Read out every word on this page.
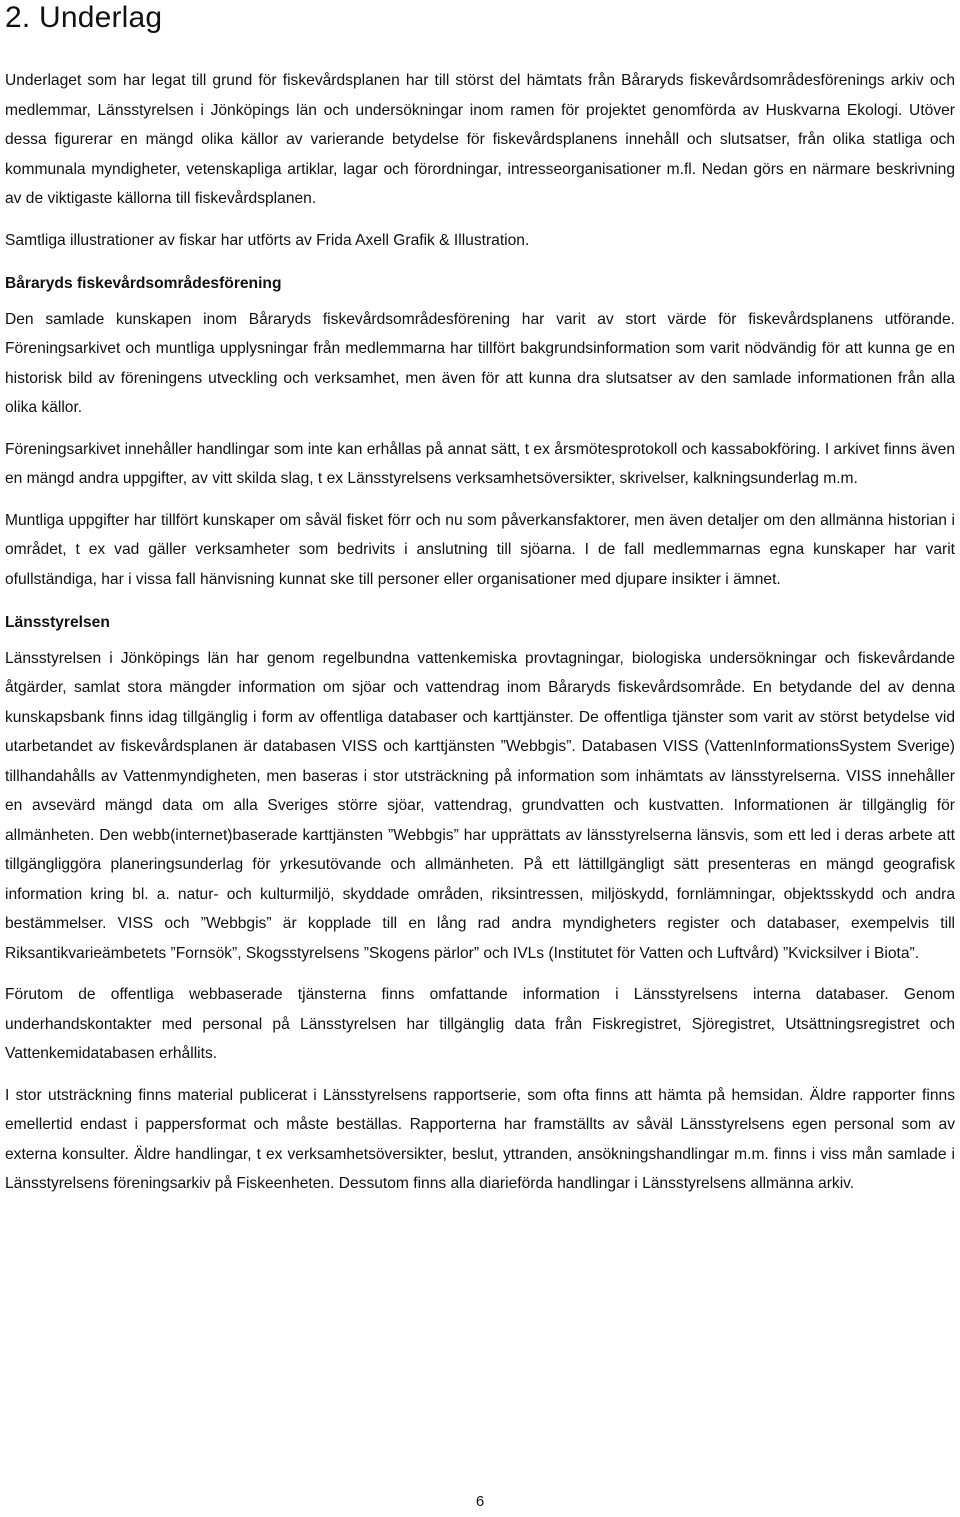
2. Underlag

Underlaget som har legat till grund för fiskevårdsplanen har till störst del hämtats från Båraryds fiskevårdsområdesförenings arkiv och medlemmar, Länsstyrelsen i Jönköpings län och undersökningar inom ramen för projektet genomförda av Huskvarna Ekologi. Utöver dessa figurerar en mängd olika källor av varierande betydelse för fiskevårdsplanens innehåll och slutsatser, från olika statliga och kommunala myndigheter, vetenskapliga artiklar, lagar och förordningar, intresseorganisationer m.fl. Nedan görs en närmare beskrivning av de viktigaste källorna till fiskevårdsplanen.

Samtliga illustrationer av fiskar har utförts av Frida Axell Grafik & Illustration.

Båraryds fiskevårdsområdesförening

Den samlade kunskapen inom Båraryds fiskevårdsområdesförening har varit av stort värde för fiskevårdsplanens utförande. Föreningsarkivet och muntliga upplysningar från medlemmarna har tillfört bakgrundsinformation som varit nödvändig för att kunna ge en historisk bild av föreningens utveckling och verksamhet, men även för att kunna dra slutsatser av den samlade informationen från alla olika källor.

Föreningsarkivet innehåller handlingar som inte kan erhållas på annat sätt, t ex årsmötesprotokoll och kassabokföring. I arkivet finns även en mängd andra uppgifter, av vitt skilda slag, t ex Länsstyrelsens verksamhetsöversikter, skrivelser, kalkningsunderlag m.m.

Muntliga uppgifter har tillfört kunskaper om såväl fisket förr och nu som påverkansfaktorer, men även detaljer om den allmänna historian i området, t ex vad gäller verksamheter som bedrivits i anslutning till sjöarna. I de fall medlemmarnas egna kunskaper har varit ofullständiga, har i vissa fall hänvisning kunnat ske till personer eller organisationer med djupare insikter i ämnet.

Länsstyrelsen

Länsstyrelsen i Jönköpings län har genom regelbundna vattenkemiska provtagningar, biologiska undersökningar och fiskevårdande åtgärder, samlat stora mängder information om sjöar och vattendrag inom Båraryds fiskevårdsområde. En betydande del av denna kunskapsbank finns idag tillgänglig i form av offentliga databaser och karttjänster. De offentliga tjänster som varit av störst betydelse vid utarbetandet av fiskevårdsplanen är databasen VISS och karttjänsten ”Webbgis”. Databasen VISS (VattenInformationsSystem Sverige) tillhandahålls av Vattenmyndigheten, men baseras i stor utsträckning på information som inhämtats av länsstyrelserna. VISS innehåller en avsevärd mängd data om alla Sveriges större sjöar, vattendrag, grundvatten och kustvatten. Informationen är tillgänglig för allmänheten. Den webb(internet)baserade karttjänsten ”Webbgis” har upprättats av länsstyrelserna länsvis, som ett led i deras arbete att tillgängliggöra planeringsunderlag för yrkesutövande och allmänheten. På ett lättillgängligt sätt presenteras en mängd geografisk information kring bl. a. natur- och kulturmiljö, skyddade områden, riksintressen, miljöskydd, fornlämningar, objektsskydd och andra bestämmelser. VISS och ”Webbgis” är kopplade till en lång rad andra myndigheters register och databaser, exempelvis till Riksantikvarieämbetets ”Fornsök”, Skogsstyrelsens ”Skogens pärlor” och IVLs (Institutet för Vatten och Luftvård) ”Kvicksilver i Biota”.

Förutom de offentliga webbaserade tjänsterna finns omfattande information i Länsstyrelsens interna databaser. Genom underhandskontakter med personal på Länsstyrelsen har tillgänglig data från Fiskregistret, Sjöregistret, Utsättningsregistret och Vattenkemidatabasen erhållits.

I stor utsträckning finns material publicerat i Länsstyrelsens rapportserie, som ofta finns att hämta på hemsidan. Äldre rapporter finns emellertid endast i pappersformat och måste beställas. Rapporterna har framställts av såväl Länsstyrelsens egen personal som av externa konsulter. Äldre handlingar, t ex verksamhetsöversikter, beslut, yttranden, ansökningshandlingar m.m. finns i viss mån samlade i Länsstyrelsens föreningsarkiv på Fiskeenheten. Dessutom finns alla diarieförda handlingar i Länsstyrelsens allmänna arkiv.

6
